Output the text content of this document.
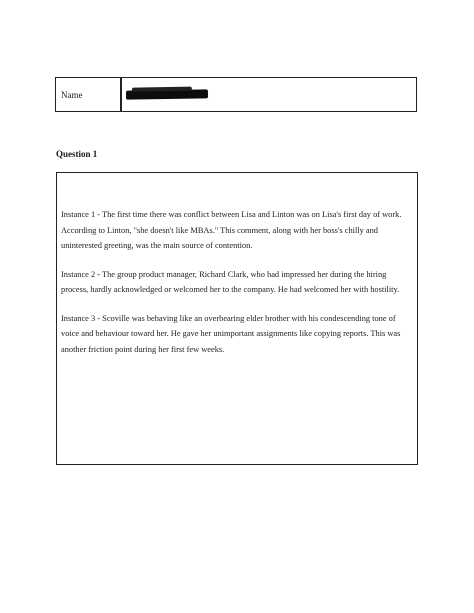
Name
Question 1

Instance 1 - The first time there was conflict between Lisa and Linton was on Lisa's first day of work. According to Linton, "she doesn't like MBAs." This comment, along with her boss's chilly and uninterested greeting, was the main source of contention.

Instance 2 - The group product manager, Richard Clark, who had impressed her during the hiring process, hardly acknowledged or welcomed her to the company. He had welcomed her with hostility.

Instance 3 - Scoville was behaving like an overbearing elder brother with his condescending tone of voice and behaviour toward her. He gave her unimportant assignments like copying reports. This was another friction point during her first few weeks.
